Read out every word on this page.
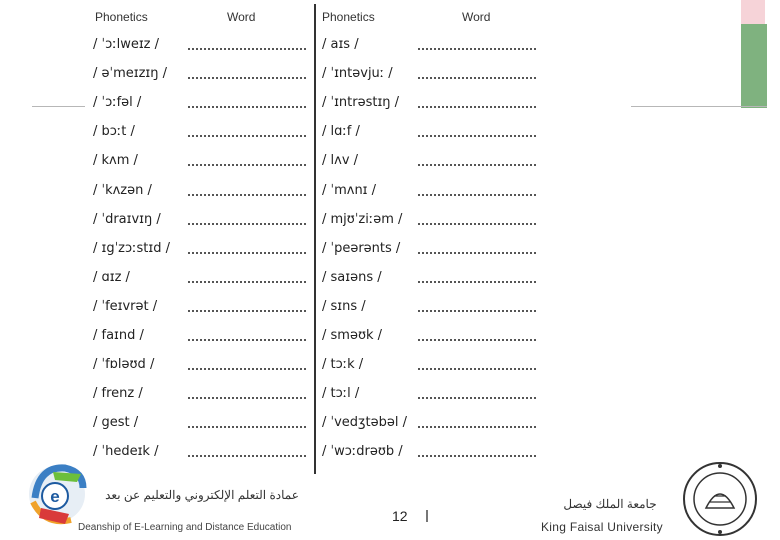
Phonetics	Word
/ ˈɔːlweɪz /
/ əˈmeɪzɪŋ /
/ ˈɔːfəl /
/ bɔːt /
/ kʌm /
/ ˈkʌzən /
/ ˈdraɪvɪŋ /
/ ɪgˈzɔːstɪd /
/ ɑɪz /
/ ˈfeɪvrət /
/ faɪnd /
/ ˈfɒləʊd /
/ frenz /
/ gest /
/ ˈhedeɪk /
Phonetics	Word
/ aɪs /
/ ˈɪntəvjuː /
/ ˈɪntrəstɪŋ /
/ lɑːf /
/ lʌv /
/ ˈmʌnɪ /
/ mjʊˈziːəm /
/ ˈpeərənts /
/ saɪəns /
/ sɪns /
/ sməʊk /
/ tɔːk /
/ tɔːl /
/ ˈvedʒtəbəl /
/ ˈwɔːdrəʊb /
e	عمادة التعلم الإلكتروني والتعليم عن بعد
Deanship of E-Learning and Distance Education
12
جامعة الملك فيصل
King Faisal University
